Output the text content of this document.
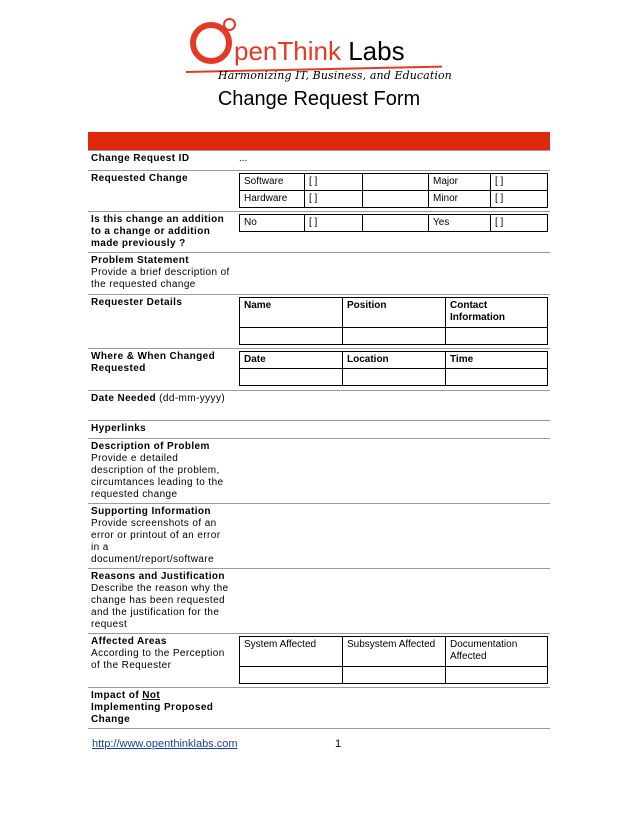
penThink Labs
Harmonizing IT, Business, and Education
Change Request Form
Change Request ID	...
Requested Change		Software	[ ]		Major	[ ]
Hardware	[ ]		Minor	[ ]

Is this change an addition to a change or addition made previously ?	
No	[ ]		Yes	[ ]

Problem Statement
Provide a brief description of the requested change	
Requester Details		Name	Position	Contact Information

Where & When Changed Requested	
Date	Location	Time

Date Needed (dd-mm-yyyy)	
Hyperlinks	
Description of Problem
Provide e detailed description of the problem, circumtances leading to the requested change	
Supporting Information
Provide screenshots of an error or printout of an error in a document/report/software	
Reasons and Justification
Describe the reason why the change has been requested and the justification for the request	
Affected Areas
According to the Perception of the Requester	
System Affected	Subsystem Affected	Documentation Affected

Impact of Not Implementing Proposed Change	
http://www.openthinklabs.com	1
